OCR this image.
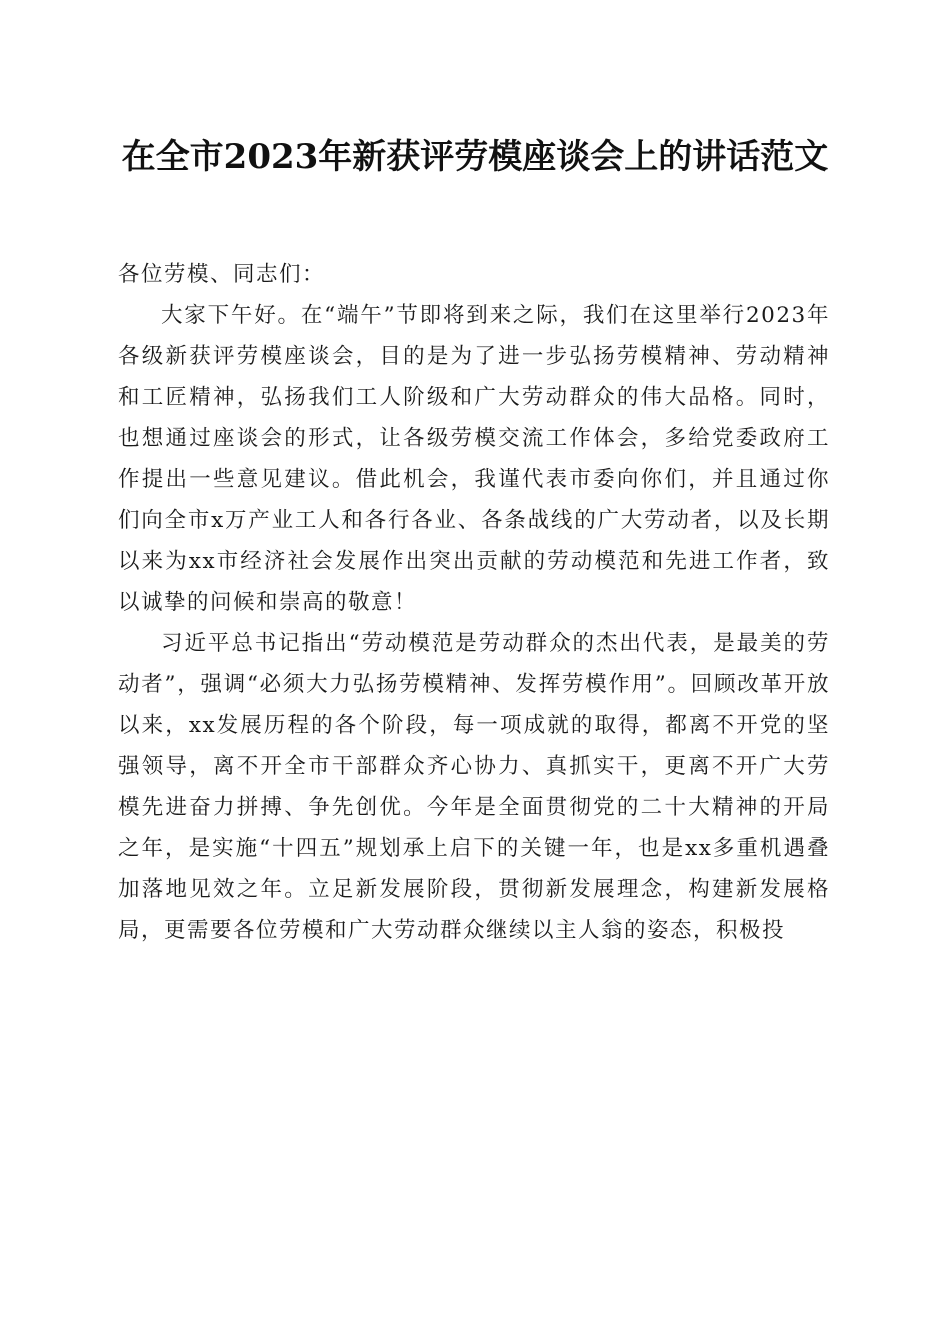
在全市2023年新获评劳模座谈会上的讲话范文

各位劳模、同志们：

大家下午好。在“端午”节即将到来之际，我们在这里举行2023年各级新获评劳模座谈会，目的是为了进一步弘扬劳模精神、劳动精神和工匠精神，弘扬我们工人阶级和广大劳动群众的伟大品格。同时，也想通过座谈会的形式，让各级劳模交流工作体会，多给党委政府工作提出一些意见建议。借此机会，我谨代表市委向你们，并且通过你们向全市x万产业工人和各行各业、各条战线的广大劳动者，以及长期以来为xx市经济社会发展作出突出贡献的劳动模范和先进工作者，致以诚挚的问候和崇高的敬意！

习近平总书记指出“劳动模范是劳动群众的杰出代表，是最美的劳动者”，强调“必须大力弘扬劳模精神、发挥劳模作用”。回顾改革开放以来，xx发展历程的各个阶段，每一项成就的取得，都离不开党的坚强领导，离不开全市干部群众齐心协力、真抓实干，更离不开广大劳模先进奋力拼搏、争先创优。今年是全面贯彻党的二十大精神的开局之年，是实施“十四五”规划承上启下的关键一年，也是xx多重机遇叠加落地见效之年。立足新发展阶段，贯彻新发展理念，构建新发展格局，更需要各位劳模和广大劳动群众继续以主人翁的姿态，积极投
